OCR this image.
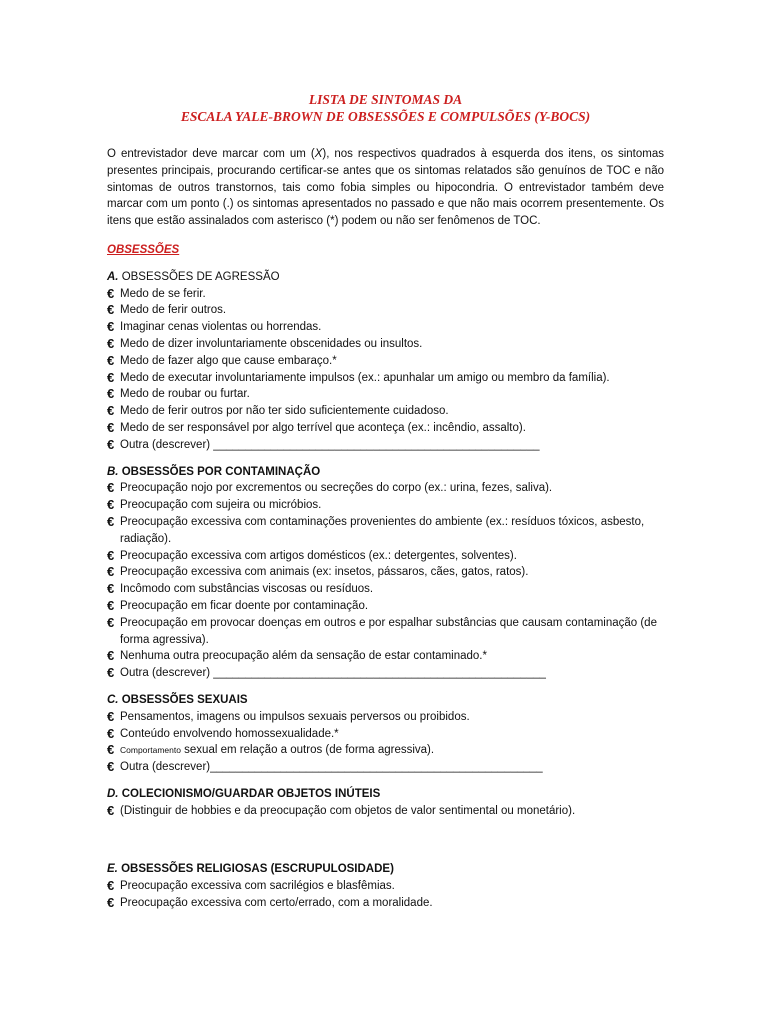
LISTA DE SINTOMAS DA
ESCALA YALE-BROWN DE OBSESSÕES E COMPULSÕES (Y-BOCS)
O entrevistador deve marcar com um (X), nos respectivos quadrados à esquerda dos itens, os sintomas presentes principais, procurando certificar-se antes que os sintomas relatados são genuínos de TOC e não sintomas de outros transtornos, tais como fobia simples ou hipocondria. O entrevistador também deve marcar com um ponto (.) os sintomas apresentados no passado e que não mais ocorrem presentemente. Os itens que estão assinalados com asterisco (*) podem ou não ser fenômenos de TOC.
OBSESSÕES
A. OBSESSÕES DE AGRESSÃO
€ Medo de se ferir.
€ Medo de ferir outros.
€ Imaginar cenas violentas ou horrendas.
€ Medo de dizer involuntariamente obscenidades ou insultos.
€ Medo de fazer algo que cause embaraço.*
€ Medo de executar involuntariamente impulsos (ex.: apunhalar um amigo ou membro da família).
€ Medo de roubar ou furtar.
€ Medo de ferir outros por não ter sido suficientemente cuidadoso.
€ Medo de ser responsável por algo terrível que aconteça (ex.: incêndio, assalto).
€ Outra (descrever) ___________________________________________________
B. OBSESSÕES POR CONTAMINAÇÃO
€ Preocupação nojo por excrementos ou secreções do corpo (ex.: urina, fezes, saliva).
€ Preocupação com sujeira ou micróbios.
€ Preocupação excessiva com contaminações provenientes do ambiente (ex.: resíduos tóxicos, asbesto, radiação).
€ Preocupação excessiva com artigos domésticos (ex.: detergentes, solventes).
€ Preocupação excessiva com animais (ex: insetos, pássaros, cães, gatos, ratos).
€ Incômodo com substâncias viscosas ou resíduos.
€ Preocupação em ficar doente por contaminação.
€ Preocupação em provocar doenças em outros e por espalhar substâncias que causam contaminação (de forma agressiva).
€ Nenhuma outra preocupação além da sensação de estar contaminado.*
€ Outra (descrever) ____________________________________________________
C. OBSESSÕES SEXUAIS
€ Pensamentos, imagens ou impulsos sexuais perversos ou proibidos.
€ Conteúdo envolvendo homossexualidade.*
€ Comportamento sexual em relação a outros (de forma agressiva).
€ Outra (descrever)____________________________________________________
D. COLECIONISMO/GUARDAR OBJETOS INÚTEIS
€ (Distinguir de hobbies e da preocupação com objetos de valor sentimental ou monetário).
E. OBSESSÕES RELIGIOSAS (ESCRUPULOSIDADE)
€ Preocupação excessiva com sacrilégios e blasfêmias.
€ Preocupação excessiva com certo/errado, com a moralidade.
